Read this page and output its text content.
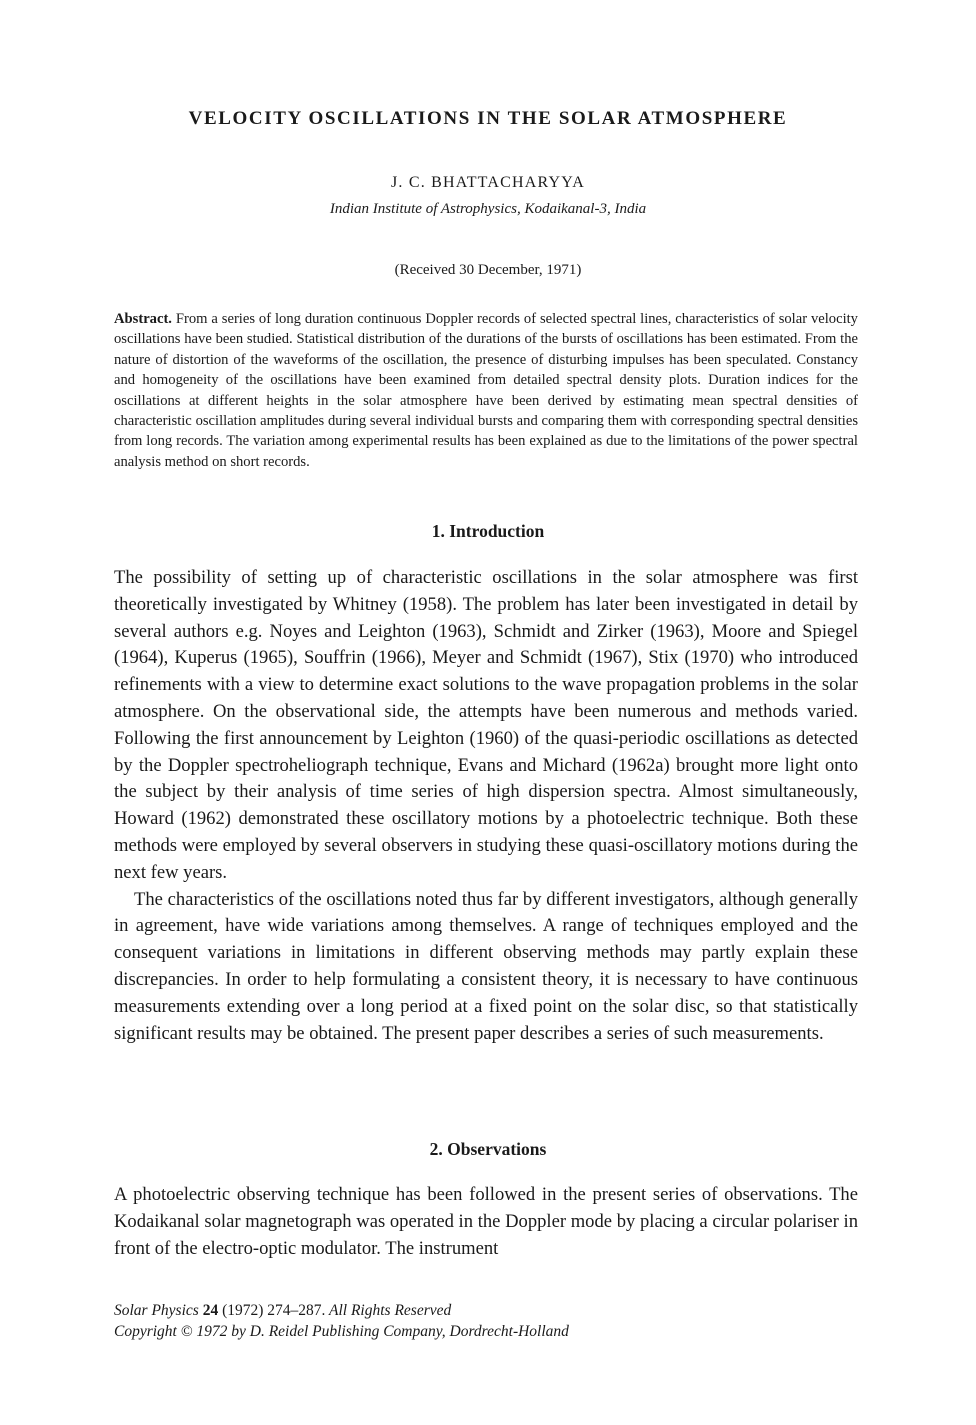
VELOCITY OSCILLATIONS IN THE SOLAR ATMOSPHERE
J. C. BHATTACHARYYA
Indian Institute of Astrophysics, Kodaikanal-3, India
(Received 30 December, 1971)

Abstract. From a series of long duration continuous Doppler records of selected spectral lines, characteristics of solar velocity oscillations have been studied. Statistical distribution of the durations of the bursts of oscillations has been estimated. From the nature of distortion of the waveforms of the oscillation, the presence of disturbing impulses has been speculated. Constancy and homogeneity of the oscillations have been examined from detailed spectral density plots. Duration indices for the oscillations at different heights in the solar atmosphere have been derived by estimating mean spectral densities of characteristic oscillation amplitudes during several individual bursts and comparing them with corresponding spectral densities from long records. The variation among experimental results has been explained as due to the limitations of the power spectral analysis method on short records.

1. Introduction

The possibility of setting up of characteristic oscillations in the solar atmosphere was first theoretically investigated by Whitney (1958). The problem has later been investigated in detail by several authors e.g. Noyes and Leighton (1963), Schmidt and Zirker (1963), Moore and Spiegel (1964), Kuperus (1965), Souffrin (1966), Meyer and Schmidt (1967), Stix (1970) who introduced refinements with a view to determine exact solutions to the wave propagation problems in the solar atmosphere. On the observational side, the attempts have been numerous and methods varied. Following the first announcement by Leighton (1960) of the quasi-periodic oscillations as detected by the Doppler spectroheliograph technique, Evans and Michard (1962a) brought more light onto the subject by their analysis of time series of high dispersion spectra. Almost simultaneously, Howard (1962) demonstrated these oscillatory motions by a photoelectric technique. Both these methods were employed by several observers in studying these quasi-oscillatory motions during the next few years.

The characteristics of the oscillations noted thus far by different investigators, although generally in agreement, have wide variations among themselves. A range of techniques employed and the consequent variations in limitations in different observing methods may partly explain these discrepancies. In order to help formulating a consistent theory, it is necessary to have continuous measurements extending over a long period at a fixed point on the solar disc, so that statistically significant results may be obtained. The present paper describes a series of such measurements.

2. Observations

A photoelectric observing technique has been followed in the present series of observations. The Kodaikanal solar magnetograph was operated in the Doppler mode by placing a circular polariser in front of the electro-optic modulator. The instrument

Solar Physics 24 (1972) 274–287. All Rights Reserved
Copyright © 1972 by D. Reidel Publishing Company, Dordrecht-Holland
